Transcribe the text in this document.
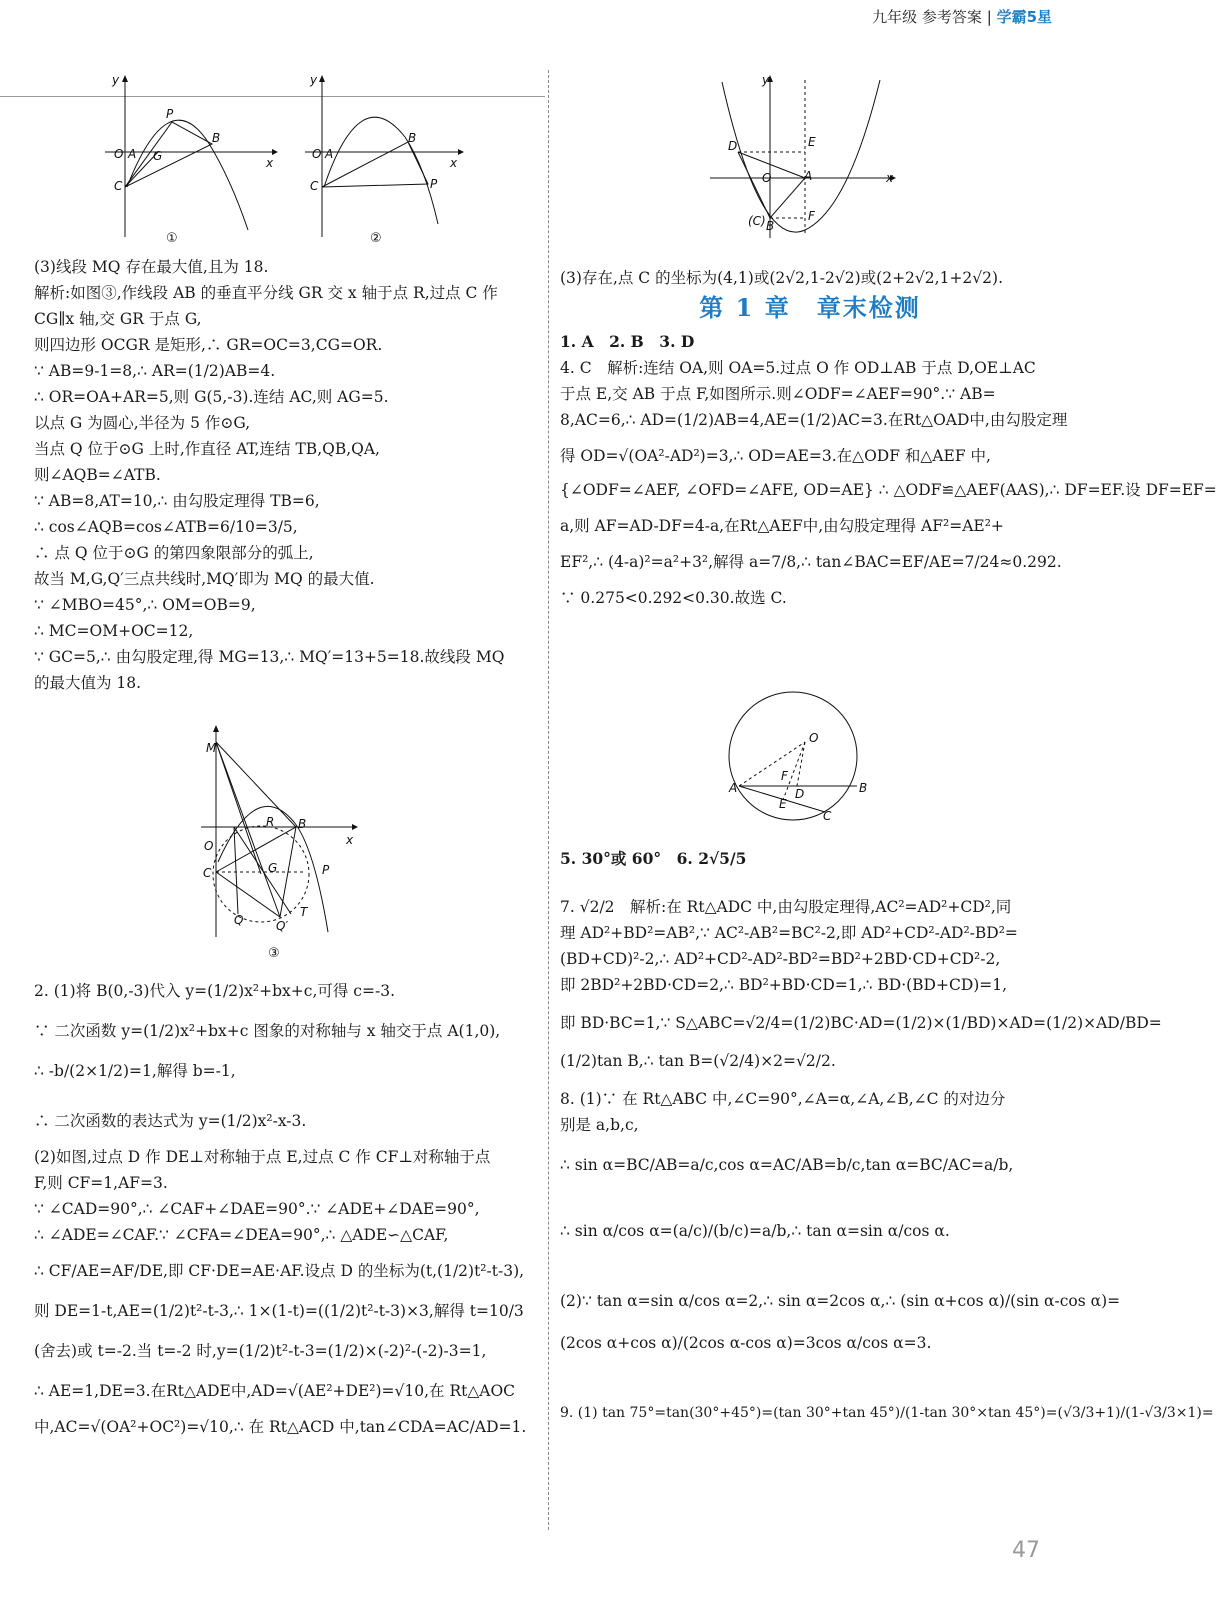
九年级 参考答案 | 学霸5星
y
x
O A G
P
B
C
①
y
x
O A
B
C	P
②
y
x
D	E
O	A
F
(C) B

(3)线段 MQ 存在最大值,且为 18.

解析:如图③,作线段 AB 的垂直平分线 GR 交 x 轴于点 R,过点 C 作

CG∥x 轴,交 GR 于点 G,

则四边形 OCGR 是矩形,∴ GR=OC=3,CG=OR.

∵ AB=9-1=8,∴ AR=(1/2)AB=4.

∴ OR=OA+AR=5,则 G(5,-3).连结 AC,则 AG=5.

以点 G 为圆心,半径为 5 作⊙G,

当点 Q 位于⊙G 上时,作直径 AT,连结 TB,QB,QA,

则∠AQB=∠ATB.

∵ AB=8,AT=10,∴ 由勾股定理得 TB=6,

∴ cos∠AQB=cos∠ATB=6/10=3/5,

∴ 点 Q 位于⊙G 的第四象限部分的弧上,

故当 M,G,Q′三点共线时,MQ′即为 MQ 的最大值.

∵ ∠MBO=45°,∴ OM=OB=9,

∴ MC=OM+OC=12,

∵ GC=5,∴ 由勾股定理,得 MG=13,∴ MQ′=13+5=18.故线段 MQ

的最大值为 18.

M
x
O
R B
C	G	P
Q	Q′
T
③

2. (1)将 B(0,-3)代入 y=(1/2)x²+bx+c,可得 c=-3.

∵ 二次函数 y=(1/2)x²+bx+c 图象的对称轴与 x 轴交于点 A(1,0),

∴ -b/(2×1/2)=1,解得 b=-1,

∴ 二次函数的表达式为 y=(1/2)x²-x-3.

(2)如图,过点 D 作 DE⊥对称轴于点 E,过点 C 作 CF⊥对称轴于点

F,则 CF=1,AF=3.

∵ ∠CAD=90°,∴ ∠CAF+∠DAE=90°.∵ ∠ADE+∠DAE=90°,

∴ ∠ADE=∠CAF.∵ ∠CFA=∠DEA=90°,∴ △ADE∽△CAF,

∴ CF/AE=AF/DE,即 CF·DE=AE·AF.设点 D 的坐标为(t,(1/2)t²-t-3),

则 DE=1-t,AE=(1/2)t²-t-3,∴ 1×(1-t)=((1/2)t²-t-3)×3,解得 t=10/3

(舍去)或 t=-2.当 t=-2 时,y=(1/2)t²-t-3=(1/2)×(-2)²-(-2)-3=1,

∴ AE=1,DE=3.在Rt△ADE中,AD=√(AE²+DE²)=√10,在 Rt△AOC

中,AC=√(OA²+OC²)=√10,∴ 在 Rt△ACD 中,tan∠CDA=AC/AD=1.

(3)存在,点 C 的坐标为(4,1)或(2√2,1-2√2)或(2+2√2,1+2√2).

第 1 章　章末检测

1. A　2. B　3. D

4. C　解析:连结 OA,则 OA=5.过点 O 作 OD⊥AB 于点 D,OE⊥AC

于点 E,交 AB 于点 F,如图所示.则∠ODF=∠AEF=90°.∵ AB=

8,AC=6,∴ AD=(1/2)AB=4,AE=(1/2)AC=3.在Rt△OAD中,由勾股定理

得 OD=√(OA²-AD²)=3,∴ OD=AE=3.在△ODF 和△AEF 中,

{∠ODF=∠AEF, ∠OFD=∠AFE, OD=AE} ∴ △ODF≌△AEF(AAS),∴ DF=EF.设 DF=EF=

a,则 AF=AD-DF=4-a,在Rt△AEF中,由勾股定理得 AF²=AE²+

EF²,∴ (4-a)²=a²+3²,解得 a=7/8,∴ tan∠BAC=EF/AE=7/24≈0.292.

∵ 0.275<0.292<0.30.故选 C.

O
F
D
E
A	B
C

5. 30°或 60°　6. 2√5/5

7. √2/2　解析:在 Rt△ADC 中,由勾股定理得,AC²=AD²+CD²,同

理 AD²+BD²=AB²,∵ AC²-AB²=BC²-2,即 AD²+CD²-AD²-BD²=

(BD+CD)²-2,∴ AD²+CD²-AD²-BD²=BD²+2BD·CD+CD²-2,

即 2BD²+2BD·CD=2,∴ BD²+BD·CD=1,∴ BD·(BD+CD)=1,

即 BD·BC=1,∵ S△ABC=√2/4=(1/2)BC·AD=(1/2)×(1/BD)×AD=(1/2)×AD/BD=

(1/2)tan B,∴ tan B=(√2/4)×2=√2/2.

8. (1)∵ 在 Rt△ABC 中,∠C=90°,∠A=α,∠A,∠B,∠C 的对边分

别是 a,b,c,

∴ sin α=BC/AB=a/c,cos α=AC/AB=b/c,tan α=BC/AC=a/b,

∴ sin α/cos α=(a/c)/(b/c)=a/b,∴ tan α=sin α/cos α.

(2)∵ tan α=sin α/cos α=2,∴ sin α=2cos α,∴ (sin α+cos α)/(sin α-cos α)=

(2cos α+cos α)/(2cos α-cos α)=3cos α/cos α=3.

9. (1) tan 75°=tan(30°+45°)=(tan 30°+tan 45°)/(1-tan 30°×tan 45°)=(√3/3+1)/(1-√3/3×1)=

47
